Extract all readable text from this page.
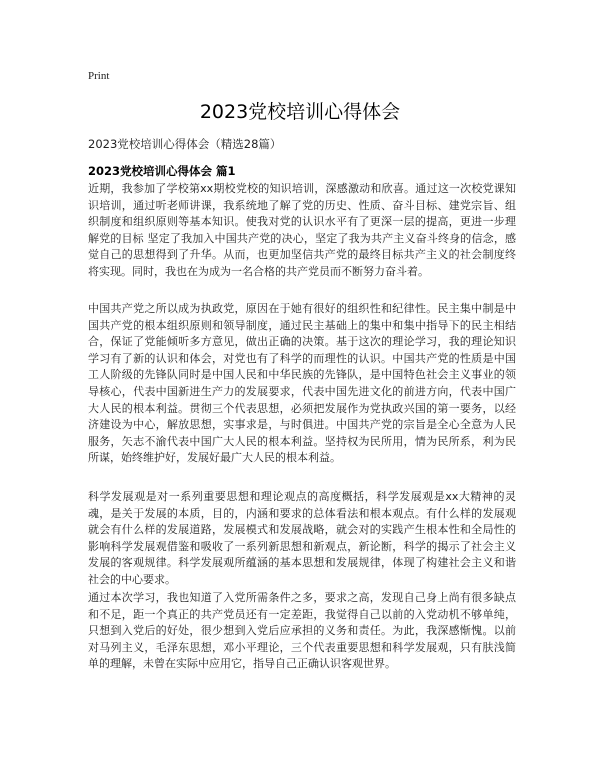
Print
2023党校培训心得体会
2023党校培训心得体会（精选28篇）
2023党校培训心得体会 篇1

近期，我参加了学校第xx期校党校的知识培训，深感激动和欣喜。通过这一次校党课知识培训，通过听老师讲课，我系统地了解了党的历史、性质、奋斗目标、建党宗旨、组织制度和组织原则等基本知识。使我对党的认识水平有了更深一层的提高，更进一步理解党的目标 坚定了我加入中国共产党的决心，坚定了我为共产主义奋斗终身的信念，感觉自己的思想得到了升华。从而，也更加坚信共产党的最终目标共产主义的社会制度终将实现。同时，我也在为成为一名合格的共产党员而不断努力奋斗着。

中国共产党之所以成为执政党，原因在于她有很好的组织性和纪律性。民主集中制是中国共产党的根本组织原则和领导制度，通过民主基础上的集中和集中指导下的民主相结合，保证了党能倾听多方意见，做出正确的决策。基于这次的理论学习，我的理论知识学习有了新的认识和体会，对党也有了科学的而理性的认识。中国共产党的性质是中国工人阶级的先锋队同时是中国人民和中华民族的先锋队，是中国特色社会主义事业的领导核心，代表中国新进生产力的发展要求，代表中国先进文化的前进方向，代表中国广大人民的根本利益。贯彻三个代表思想，必须把发展作为党执政兴国的第一要务，以经济建设为中心，解放思想，实事求是，与时俱进。中国共产党的宗旨是全心全意为人民服务，矢志不渝代表中国广大人民的根本利益。坚持权为民所用，情为民所系，利为民所谋，始终维护好，发展好最广大人民的根本利益。

科学发展观是对一系列重要思想和理论观点的高度概括，科学发展观是xx大精神的灵魂，是关于发展的本质，目的，内涵和要求的总体看法和根本观点。有什么样的发展观就会有什么样的发展道路，发展模式和发展战略，就会对的实践产生根本性和全局性的影响科学发展观借鉴和吸收了一系列新思想和新观点，新论断，科学的揭示了社会主义发展的客观规律。科学发展观所蕴涵的基本思想和发展规律，体现了构建社会主义和谐社会的中心要求。

通过本次学习，我也知道了入党所需条件之多，要求之高，发现自己身上尚有很多缺点和不足，距一个真正的共产党员还有一定差距，我觉得自己以前的入党动机不够单纯，只想到入党后的好处，很少想到入党后应承担的义务和责任。为此，我深感惭愧。以前对马列主义，毛泽东思想，邓小平理论，三个代表重要思想和科学发展观，只有肤浅简单的理解，未曾在实际中应用它，指导自己正确认识客观世界。
